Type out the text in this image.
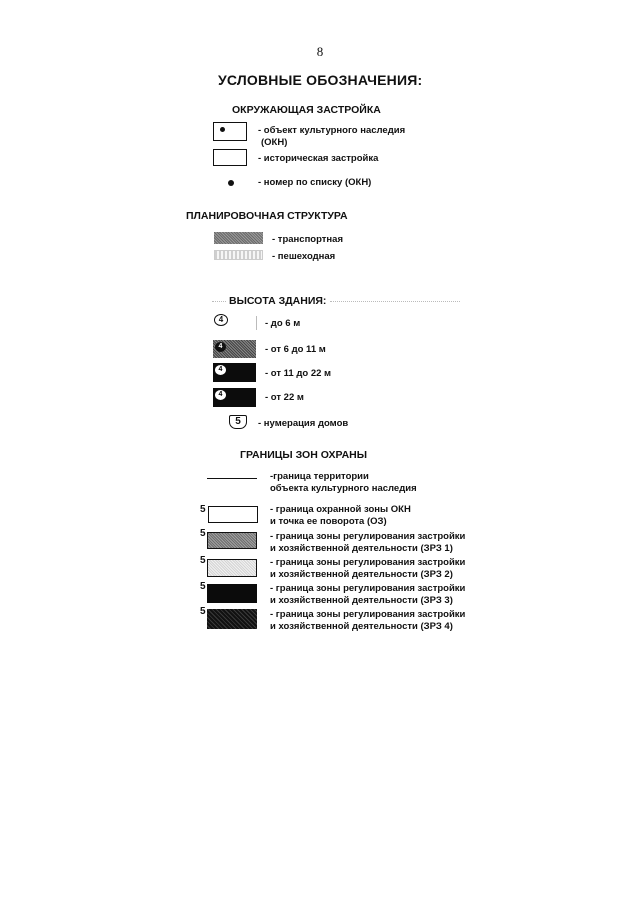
8
УСЛОВНЫЕ ОБОЗНАЧЕНИЯ:
ОКРУЖАЮЩАЯ ЗАСТРОЙКА
- объект культурного наследия
(ОКН)
- историческая застройка
- номер по списку (ОКН)
ПЛАНИРОВОЧНАЯ СТРУКТУРА
- транспортная
- пешеходная
ВЫСОТА ЗДАНИЯ:
4	- до 6 м
4	- от 6 до 11 м
4	- от 11 до 22 м
4	- от 22 м
5	- нумерация домов
ГРАНИЦЫ ЗОН ОХРАНЫ
-граница территории
объекта культурного наследия
5	- граница охранной зоны ОКН
и точка ее поворота (ОЗ)
5	- граница зоны регулирования застройки
и хозяйственной деятельности (ЗРЗ 1)
5	- граница зоны регулирования застройки
и хозяйственной деятельности (ЗРЗ 2)
5	- граница зоны регулирования застройки
и хозяйственной деятельности (ЗРЗ 3)
5	- граница зоны регулирования застройки
и хозяйственной деятельности (ЗРЗ 4)
